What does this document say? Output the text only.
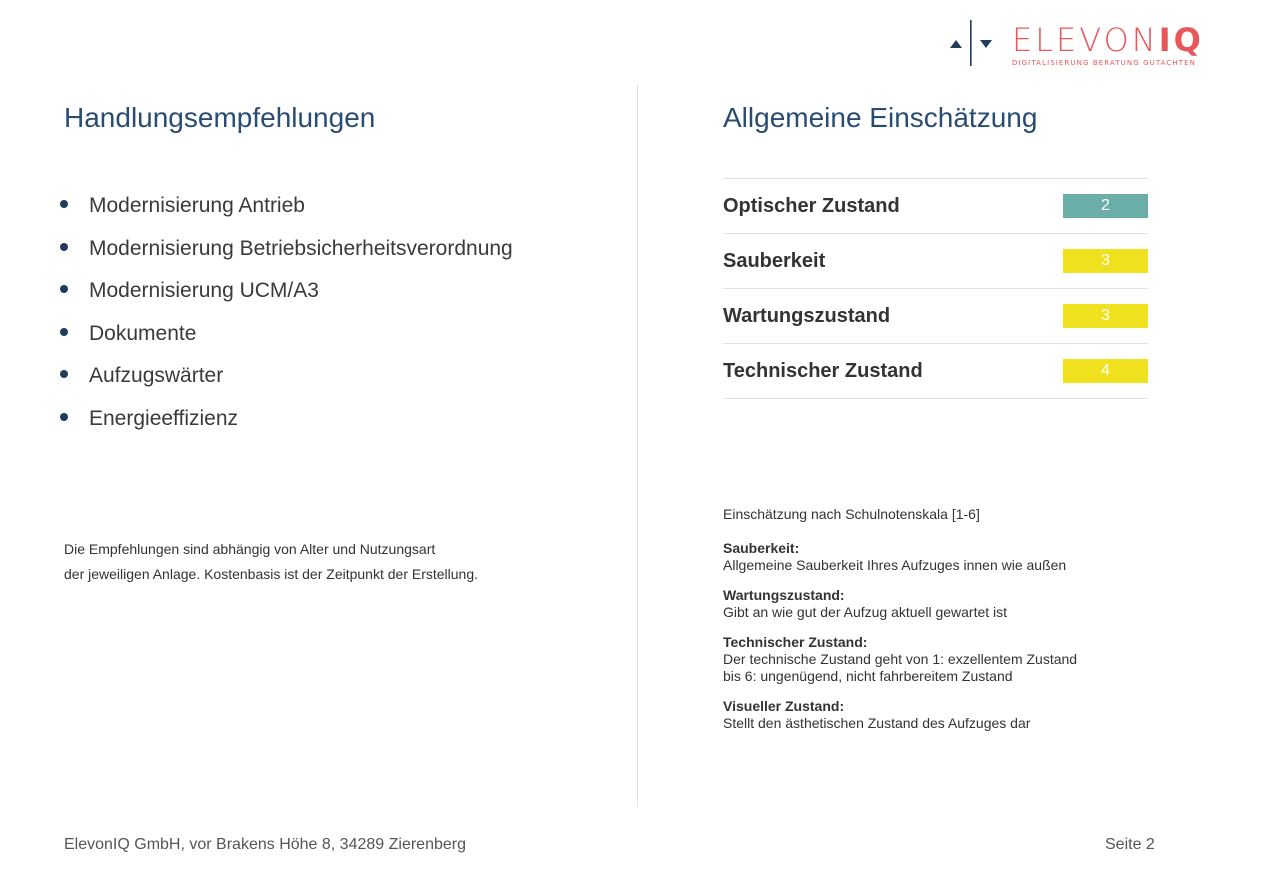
ELEVONIQ
DIGITALISIERUNG BERATUNG GUTACHTEN
Handlungsempfehlungen
Modernisierung Antrieb
Modernisierung Betriebsicherheitsverordnung
Modernisierung UCM/A3
Dokumente
Aufzugswärter
Energieeffizienz
Die Empfehlungen sind abhängig von Alter und Nutzungsart
der jeweiligen Anlage. Kostenbasis ist der Zeitpunkt der Erstellung.
Allgemeine Einschätzung
Optischer Zustand	2
Sauberkeit	3
Wartungszustand	3
Technischer Zustand	4
Einschätzung nach Schulnotenskala [1-6]
Sauberkeit:
Allgemeine Sauberkeit Ihres Aufzuges innen wie außen
Wartungszustand:
Gibt an wie gut der Aufzug aktuell gewartet ist
Technischer Zustand:
Der technische Zustand geht von 1: exzellentem Zustand
bis 6: ungenügend, nicht fahrbereitem Zustand
Visueller Zustand:
Stellt den ästhetischen Zustand des Aufzuges dar
ElevonIQ GmbH, vor Brakens Höhe 8, 34289 Zierenberg	Seite 2
